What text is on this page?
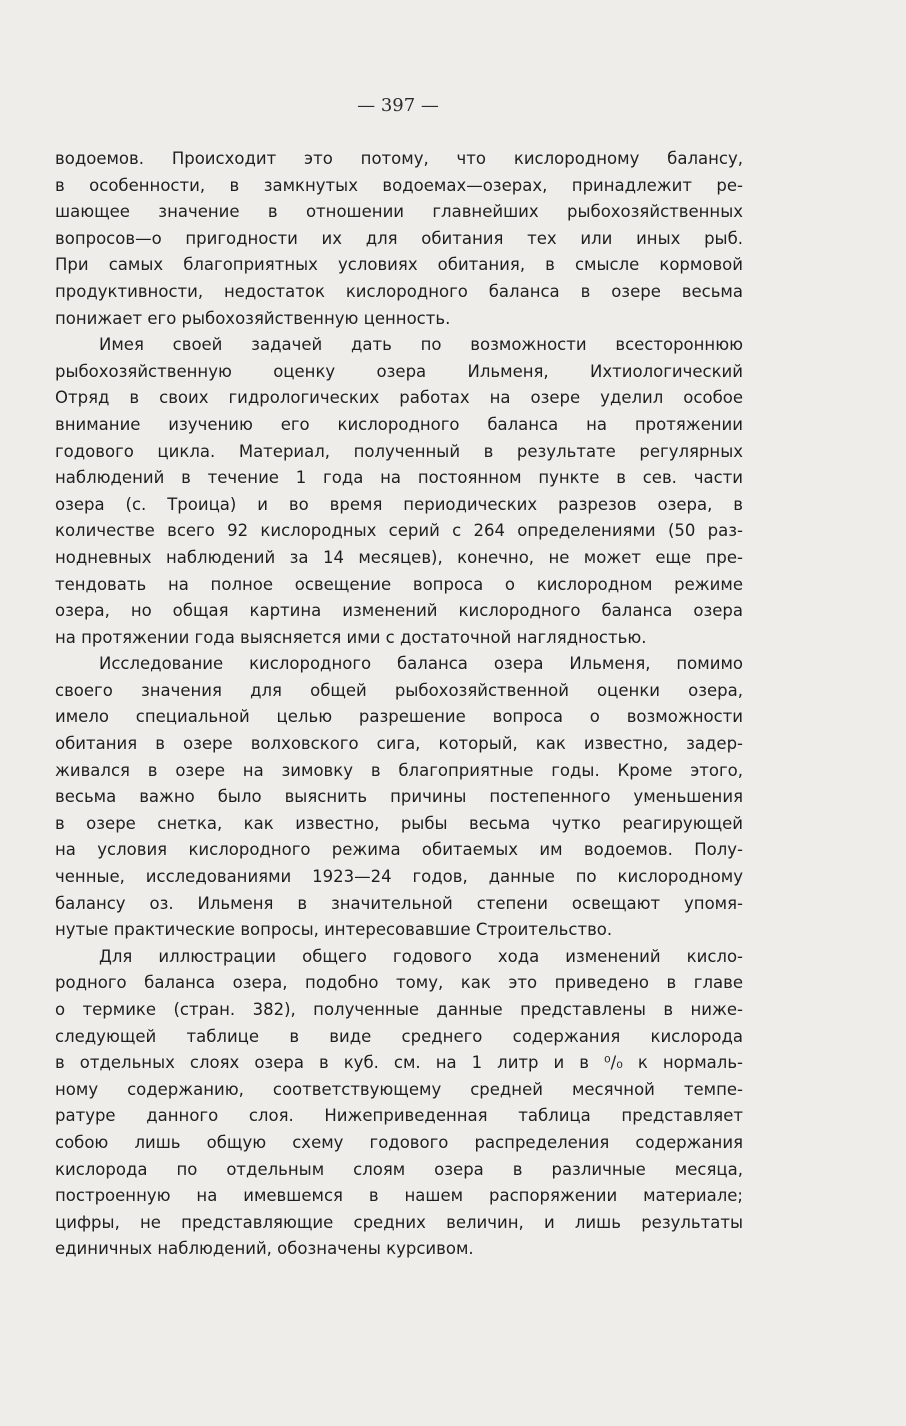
— 397 —
водоемов. Происходит это потому, что кислородному балансу,
в особенности, в замкнутых водоемах—озерах, принадлежит ре-
шающее значение в отношении главнейших рыбохозяйственных
вопросов—о пригодности их для обитания тех или иных рыб.
При самых благоприятных условиях обитания, в смысле кормовой
продуктивности, недостаток кислородного баланса в озере весьма
понижает его рыбохозяйственную ценность.
Имея своей задачей дать по возможности всестороннюю
рыбохозяйственную оценку озера Ильменя, Ихтиологический
Отряд в своих гидрологических работах на озере уделил особое
внимание изучению его кислородного баланса на протяжении
годового цикла. Материал, полученный в результате регулярных
наблюдений в течение 1 года на постоянном пункте в сев. части
озера (с. Троица) и во время периодических разрезов озера, в
количестве всего 92 кислородных серий с 264 определениями (50 раз-
нодневных наблюдений за 14 месяцев), конечно, не может еще пре-
тендовать на полное освещение вопроса о кислородном режиме
озера, но общая картина изменений кислородного баланса озера
на протяжении года выясняется ими с достаточной наглядностью.
Исследование кислородного баланса озера Ильменя, помимо
своего значения для общей рыбохозяйственной оценки озера,
имело специальной целью разрешение вопроса о возможности
обитания в озере волховского сига, который, как известно, задер-
живался в озере на зимовку в благоприятные годы. Кроме этого,
весьма важно было выяснить причины постепенного уменьшения
в озере снетка, как известно, рыбы весьма чутко реагирующей
на условия кислородного режима обитаемых им водоемов. Полу-
ченные, исследованиями 1923—24 годов, данные по кислородному
балансу оз. Ильменя в значительной степени освещают упомя-
нутые практические вопросы, интересовавшие Строительство.
Для иллюстрации общего годового хода изменений кисло-
родного баланса озера, подобно тому, как это приведено в главе
о термике (стран. 382), полученные данные представлены в ниже-
следующей таблице в виде среднего содержания кислорода
в отдельных слоях озера в куб. см. на 1 литр и в ⁰/₀ к нормаль-
ному содержанию, соответствующему средней месячной темпе-
ратуре данного слоя. Нижеприведенная таблица представляет
собою лишь общую схему годового распределения содержания
кислорода по отдельным слоям озера в различные месяца,
построенную на имевшемся в нашем распоряжении материале;
цифры, не представляющие средних величин, и лишь результаты
единичных наблюдений, обозначены курсивом.
